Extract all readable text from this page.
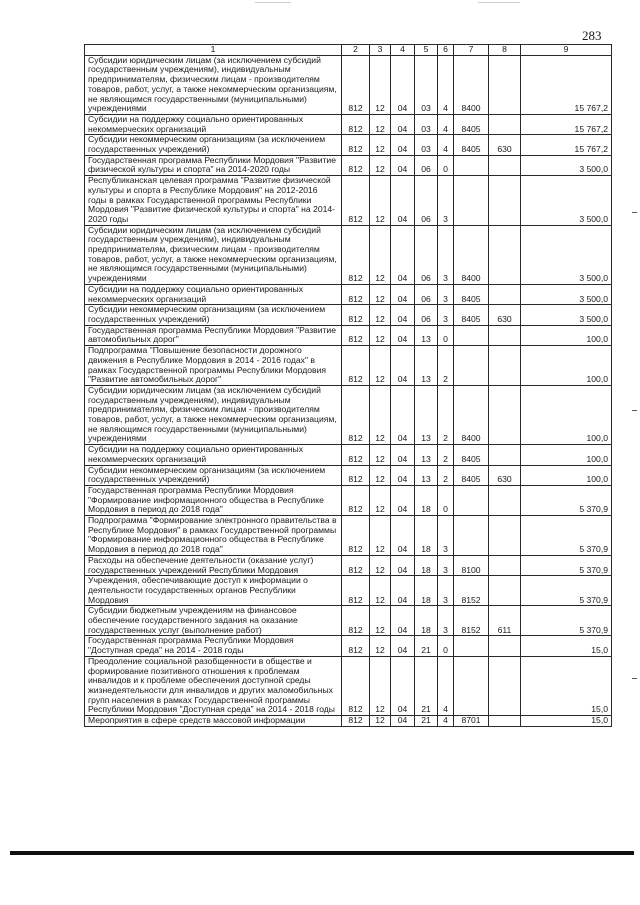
283
1	2	3	4	5	6	7	8	9
Субсидии юридическим лицам (за исключением субсидий государственным учреждениям), индивидуальным предпринимателям, физическим лицам - производителям товаров, работ, услуг, а также некоммерческим организациям, не являющимся государственными (муниципальными) учреждениями	812	12	04	03	4	8400		15 767,2
Субсидии на поддержку социально ориентированных некоммерческих организаций	812	12	04	03	4	8405		15 767,2
Субсидии некоммерческим организациям (за исключением государственных учреждений)	812	12	04	03	4	8405	630	15 767,2
Государственная программа Республики Мордовия "Развитие физической культуры и спорта" на 2014-2020 годы	812	12	04	06	0			3 500,0
Республиканская целевая программа "Развитие физической культуры и спорта в Республике Мордовия" на 2012-2016 годы в рамках Государственной программы Республики Мордовия "Развитие физической культуры и спорта" на 2014-2020 годы	812	12	04	06	3			3 500,0
Субсидии юридическим лицам (за исключением субсидий государственным учреждениям), индивидуальным предпринимателям, физическим лицам - производителям товаров, работ, услуг, а также некоммерческим организациям, не являющимся государственными (муниципальными) учреждениями	812	12	04	06	3	8400		3 500,0
Субсидии на поддержку социально ориентированных некоммерческих организаций	812	12	04	06	3	8405		3 500,0
Субсидии некоммерческим организациям (за исключением государственных учреждений)	812	12	04	06	3	8405	630	3 500,0
Государственная программа Республики Мордовия "Развитие автомобильных дорог"	812	12	04	13	0			100,0
Подпрограмма "Повышение безопасности дорожного движения в Республике Мордовия в 2014 - 2016 годах" в рамках Государственной программы Республики Мордовия "Развитие автомобильных дорог"	812	12	04	13	2			100,0
Субсидии юридическим лицам (за исключением субсидий государственным учреждениям), индивидуальным предпринимателям, физическим лицам - производителям товаров, работ, услуг, а также некоммерческим организациям, не являющимся государственными (муниципальными) учреждениями	812	12	04	13	2	8400		100,0
Субсидии на поддержку социально ориентированных некоммерческих организаций	812	12	04	13	2	8405		100,0
Субсидии некоммерческим организациям (за исключением государственных учреждений)	812	12	04	13	2	8405	630	100,0
Государственная программа Республики Мордовия "Формирование информационного общества в Республике Мордовия в период до 2018 года"	812	12	04	18	0			5 370,9
Подпрограмма "Формирование электронного правительства в Республике Мордовия" в рамках Государственной программы "Формирование информационного общества в Республике Мордовия в период до 2018 года"	812	12	04	18	3			5 370,9
Расходы на обеспечение деятельности (оказание услуг) государственных учреждений Республики Мордовия	812	12	04	18	3	8100		5 370,9
Учреждения, обеспечивающие доступ к информации о деятельности государственных органов Республики Мордовия	812	12	04	18	3	8152		5 370,9
Субсидии бюджетным учреждениям на финансовое обеспечение государственного задания на оказание государственных услуг (выполнение работ)	812	12	04	18	3	8152	611	5 370,9
Государственная программа Республики Мордовия "Доступная среда" на 2014 - 2018 годы	812	12	04	21	0			15,0
Преодоление социальной разобщенности в обществе и формирование позитивного отношения к проблемам инвалидов и к проблеме обеспечения доступной среды жизнедеятельности для инвалидов и других маломобильных групп населения в рамках Государственной программы Республики Мордовия "Доступная среда" на 2014 - 2018 годы	812	12	04	21	4			15,0
Мероприятия в сфере средств массовой информации	812	12	04	21	4	8701		15,0
